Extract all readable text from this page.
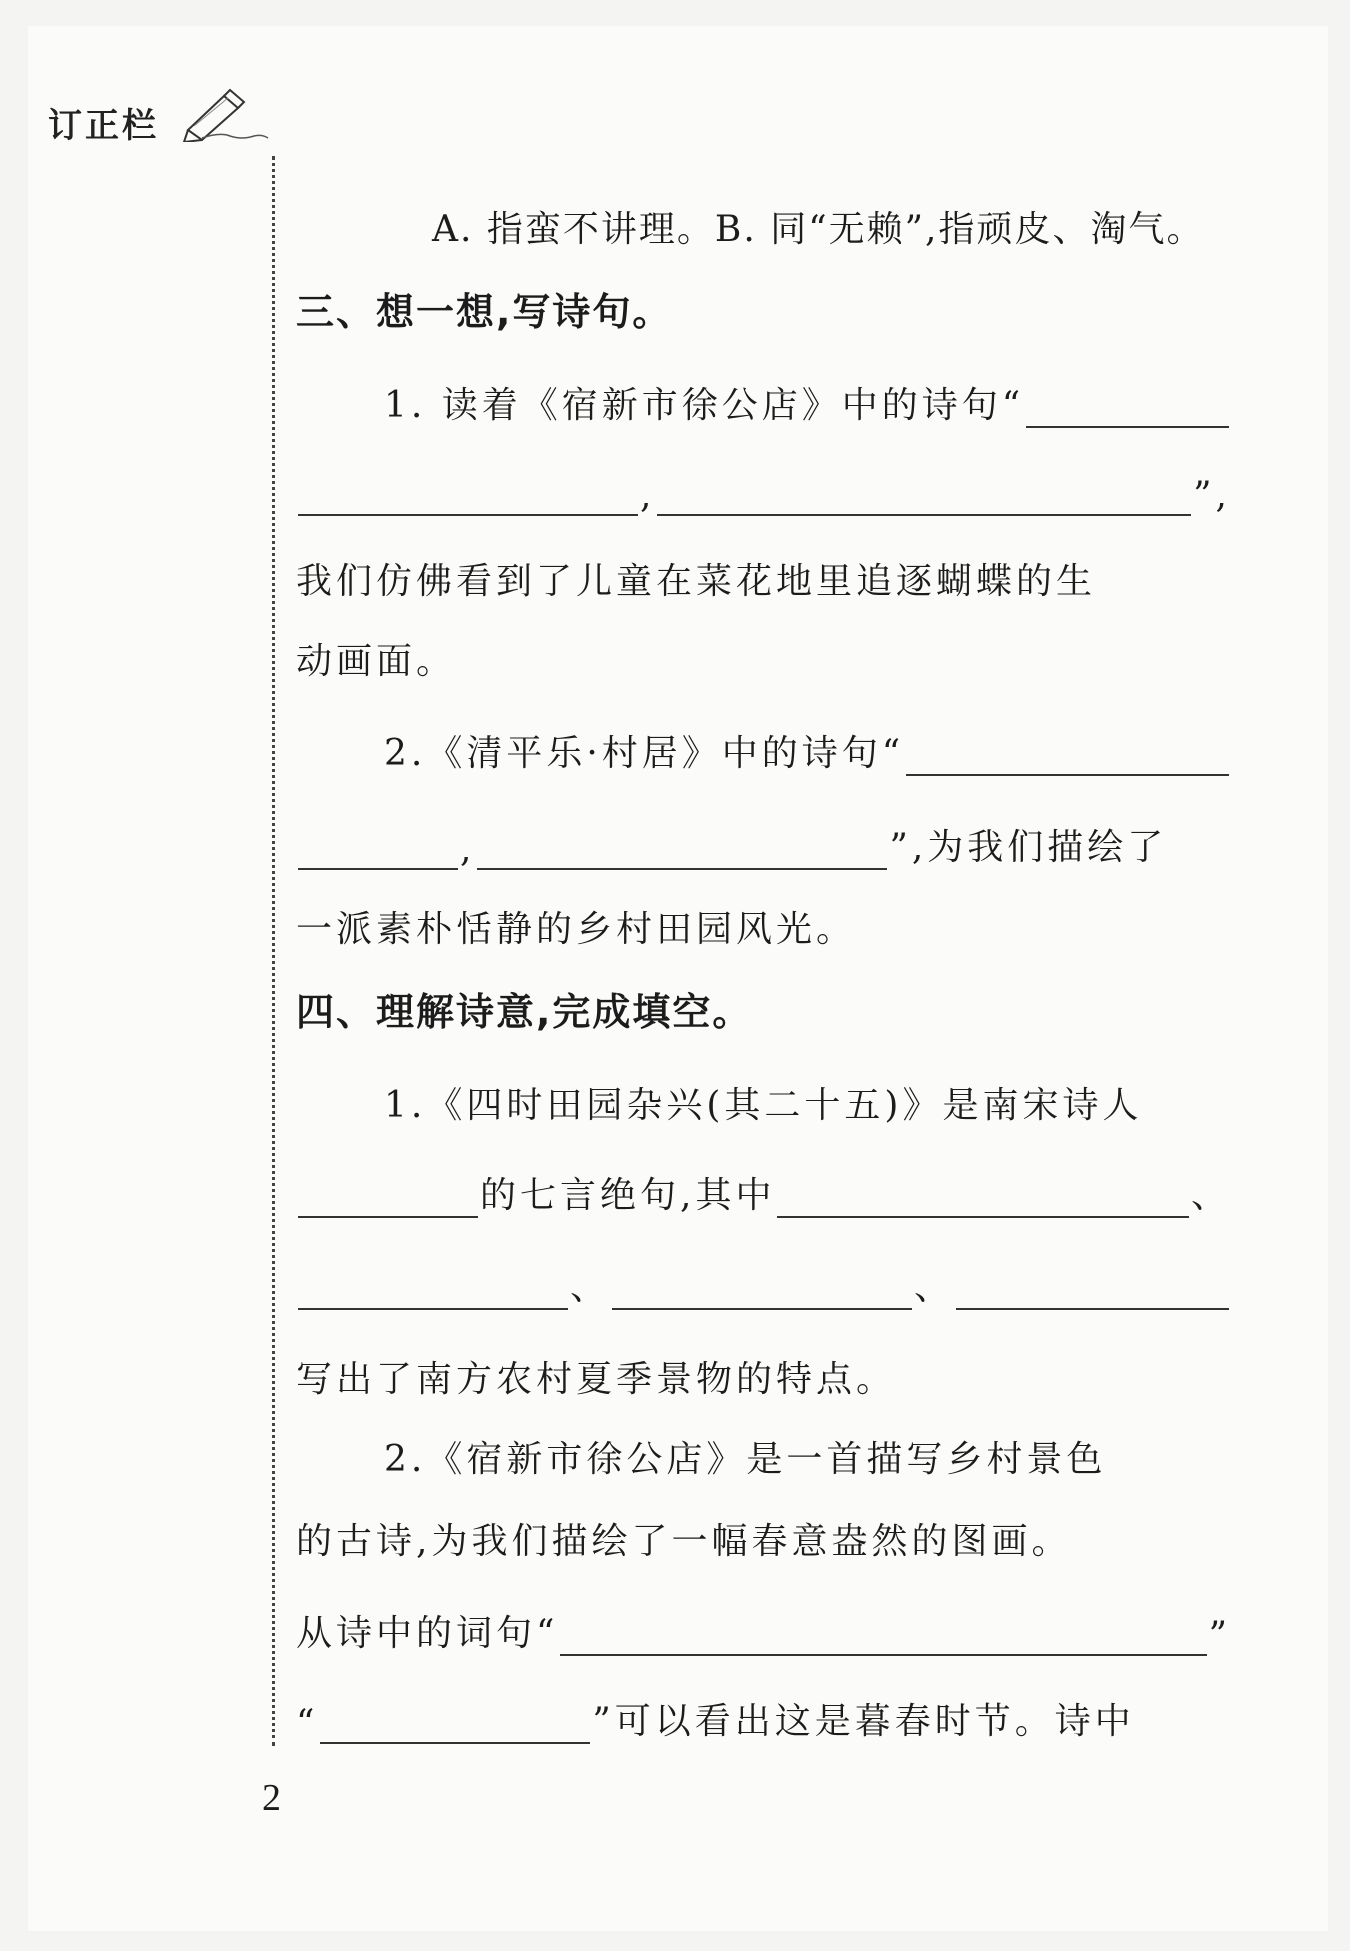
订正栏
A. 指蛮不讲理。B. 同“无赖”,指顽皮、淘气。
三、想一想,写诗句。
1. 读着《宿新市徐公店》中的诗句“
,	”,
我们仿佛看到了儿童在菜花地里追逐蝴蝶的生
动画面。
2.《清平乐·村居》中的诗句“
,	”,为我们描绘了
一派素朴恬静的乡村田园风光。
四、理解诗意,完成填空。
1.《四时田园杂兴(其二十五)》是南宋诗人
的七言绝句,其中	、
、	、
写出了南方农村夏季景物的特点。
2.《宿新市徐公店》是一首描写乡村景色
的古诗,为我们描绘了一幅春意盎然的图画。
从诗中的词句“	”
“	”可以看出这是暮春时节。诗中
2
